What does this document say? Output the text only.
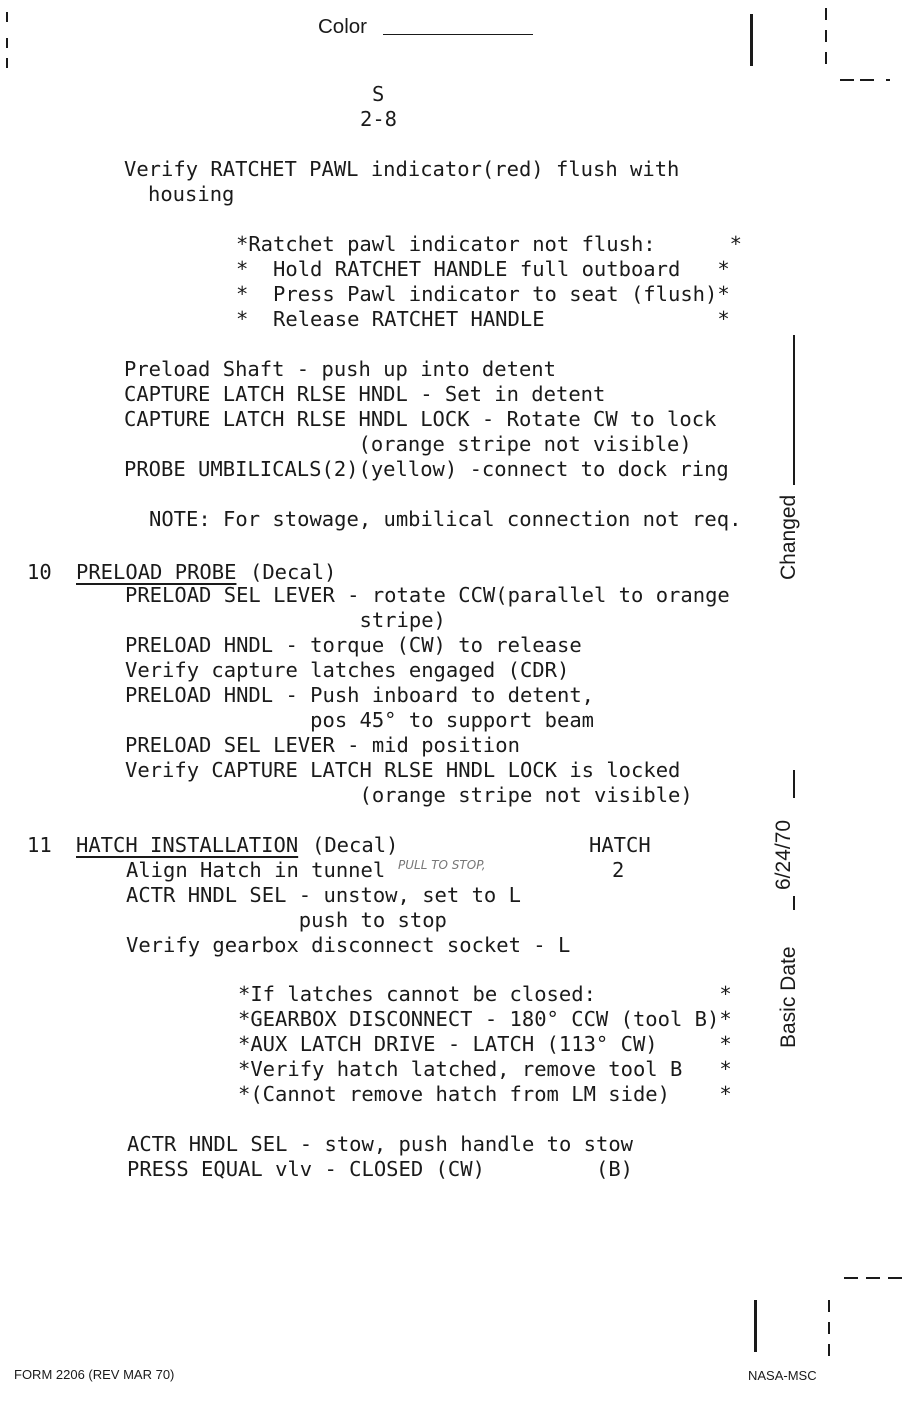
Color
S
2-8
Verify RATCHET PAWL indicator(red) flush with
housing
*Ratchet pawl indicator not flush:      *
*  Hold RATCHET HANDLE full outboard   *
*  Press Pawl indicator to seat (flush)*
*  Release RATCHET HANDLE              *
Preload Shaft - push up into detent
CAPTURE LATCH RLSE HNDL - Set in detent
CAPTURE LATCH RLSE HNDL LOCK - Rotate CW to lock
(orange stripe not visible)
PROBE UMBILICALS(2)(yellow) -connect to dock ring
NOTE: For stowage, umbilical connection not req.
10 PRELOAD PROBE (Decal)
PRELOAD SEL LEVER - rotate CCW(parallel to orange
stripe)
PRELOAD HNDL - torque (CW) to release
Verify capture latches engaged (CDR)
PRELOAD HNDL - Push inboard to detent,
pos 45° to support beam
PRELOAD SEL LEVER - mid position
Verify CAPTURE LATCH RLSE HNDL LOCK is locked
(orange stripe not visible)
11 HATCH INSTALLATION (Decal)	HATCH
2
Align Hatch in tunnel PULL TO STOP,
ACTR HNDL SEL - unstow, set to L
push to stop
Verify gearbox disconnect socket - L
*If latches cannot be closed:          *
*GEARBOX DISCONNECT - 180° CCW (tool B)*
*AUX LATCH DRIVE - LATCH (113° CW)     *
*Verify hatch latched, remove tool B   *
*(Cannot remove hatch from LM side)    *
ACTR HNDL SEL - stow, push handle to stow
PRESS EQUAL vlv - CLOSED (CW)         (B)
Changed
6/24/70
Basic Date
FORM 2206 (REV MAR 70)	NASA-MSC
